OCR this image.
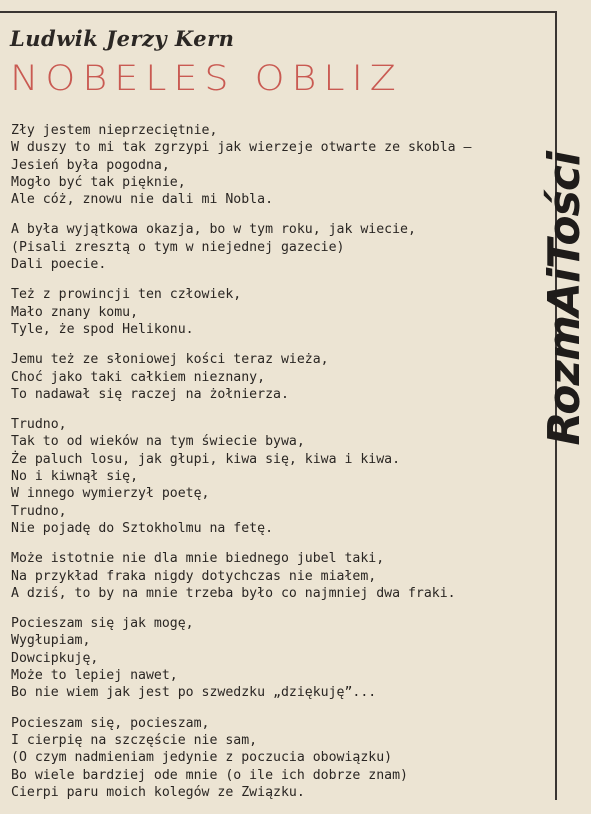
Ludwik Jerzy Kern
NOBELES OBLIZ
Zły jestem nieprzeciętnie,
W duszy to mi tak zgrzypi jak wierzeje otwarte ze skobla —
Jesień była pogodna,
Mogło być tak pięknie,
Ale cóż, znowu nie dali mi Nobla.
A była wyjątkowa okazja, bo w tym roku, jak wiecie,
(Pisali zresztą o tym w niejednej gazecie)
Dali poecie.
Też z prowincji ten człowiek,
Mało znany komu,
Tyle, że spod Helikonu.
Jemu też ze słoniowej kości teraz wieża,
Choć jako taki całkiem nieznany,
To nadawał się raczej na żołnierza.
Trudno,
Tak to od wieków na tym świecie bywa,
Że paluch losu, jak głupi, kiwa się, kiwa i kiwa.
No i kiwnął się,
W innego wymierzył poetę,
Trudno,
Nie pojadę do Sztokholmu na fetę.
Może istotnie nie dla mnie biednego jubel taki,
Na przykład fraka nigdy dotychczas nie miałem,
A dziś, to by na mnie trzeba było co najmniej dwa fraki.
Pocieszam się jak mogę,
Wygłupiam,
Dowcipkuję,
Może to lepiej nawet,
Bo nie wiem jak jest po szwedzku „dziękuję”...
Pocieszam się, pocieszam,
I cierpię na szczęście nie sam,
(O czym nadmieniam jedynie z poczucia obowiązku)
Bo wiele bardziej ode mnie (o ile ich dobrze znam)
Cierpi paru moich kolegów ze Związku.
RozmAiTości
